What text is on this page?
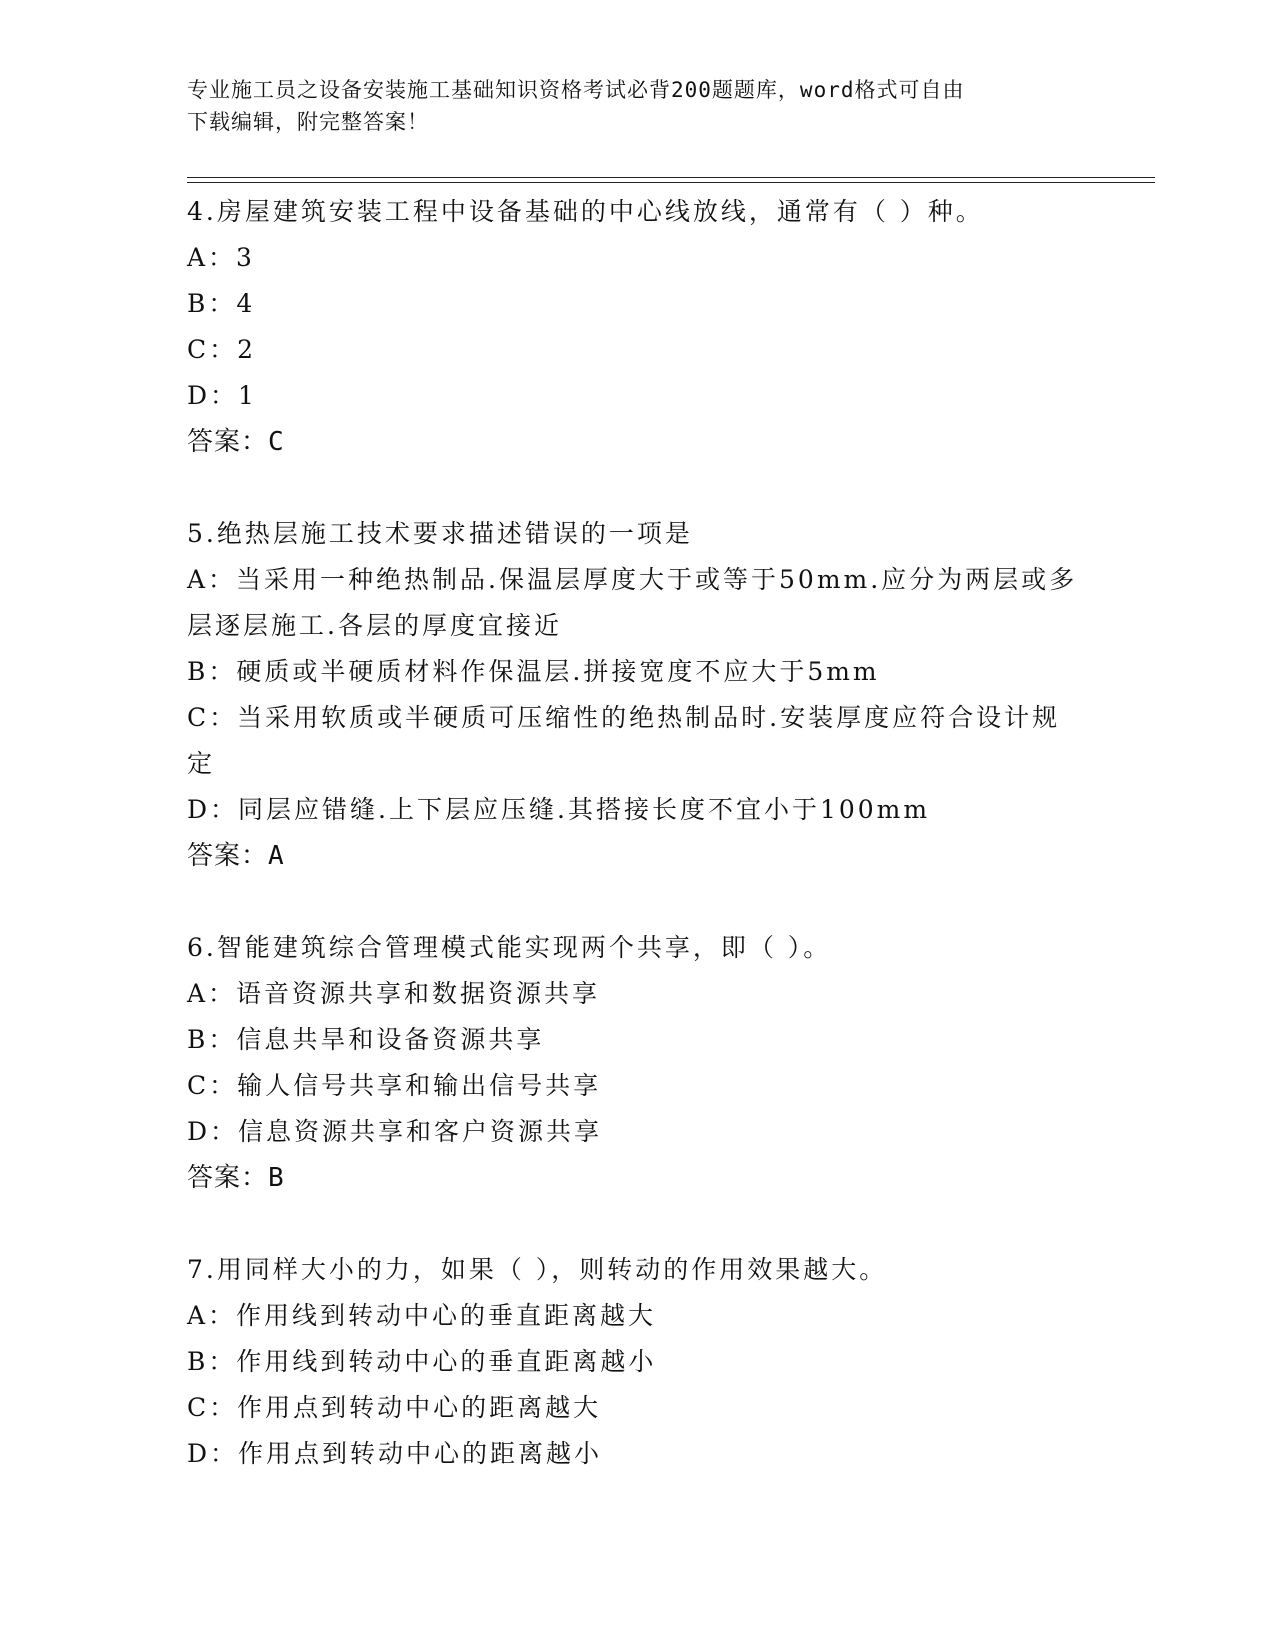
专业施工员之设备安装施工基础知识资格考试必背200题题库，word格式可自由
下载编辑，附完整答案！

4.房屋建筑安装工程中设备基础的中心线放线，通常有（ ）种。

A：3

B：4

C：2

D：1

答案：C

5.绝热层施工技术要求描述错误的一项是

A：当采用一种绝热制品.保温层厚度大于或等于50mm.应分为两层或多层逐层施工.各层的厚度宜接近

B：硬质或半硬质材料作保温层.拼接宽度不应大于5mm

C：当采用软质或半硬质可压缩性的绝热制品时.安装厚度应符合设计规定

D：同层应错缝.上下层应压缝.其搭接长度不宜小于100mm

答案：A

6.智能建筑综合管理模式能实现两个共享，即（ ）。

A：语音资源共享和数据资源共享

B：信息共旱和设备资源共享

C：输人信号共享和输出信号共享

D：信息资源共享和客户资源共享

答案：B

7.用同样大小的力，如果（ ），则转动的作用效果越大。

A：作用线到转动中心的垂直距离越大

B：作用线到转动中心的垂直距离越小

C：作用点到转动中心的距离越大

D：作用点到转动中心的距离越小
